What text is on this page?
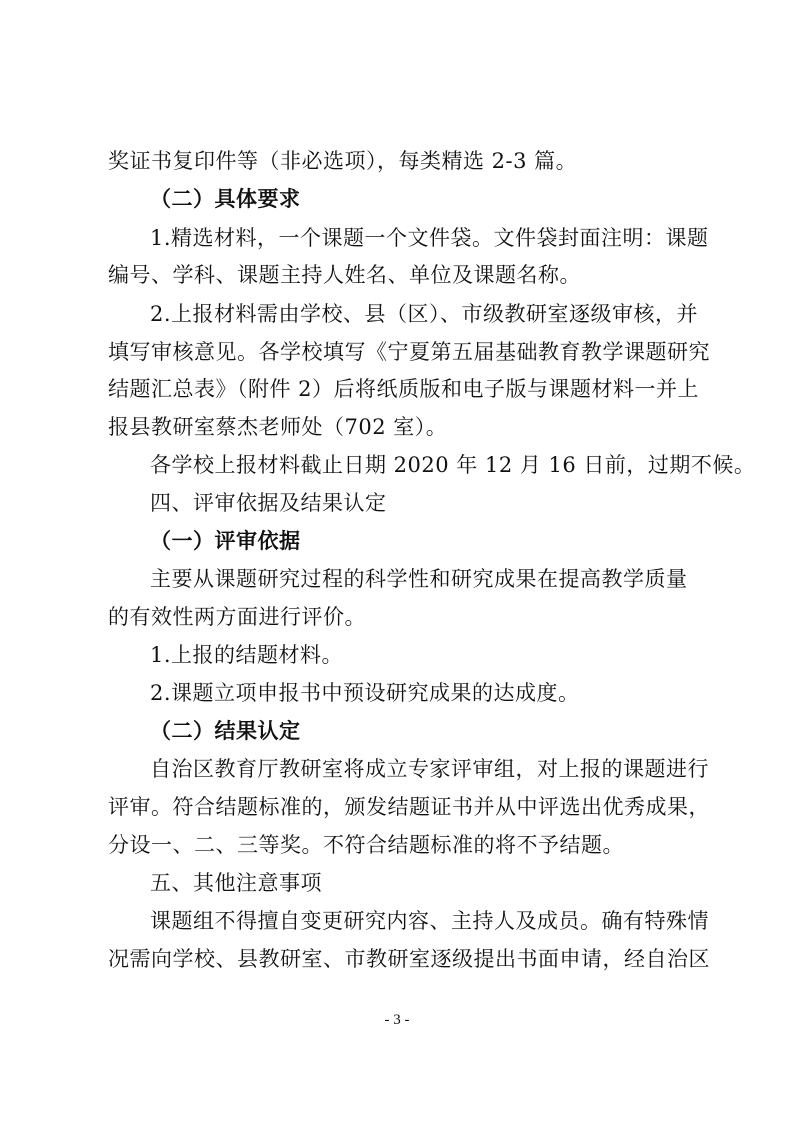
奖证书复印件等（非必选项），每类精选 2-3 篇。
（二）具体要求
1.精选材料，一个课题一个文件袋。文件袋封面注明：课题
编号、学科、课题主持人姓名、单位及课题名称。
2.上报材料需由学校、县（区）、市级教研室逐级审核，并
填写审核意见。各学校填写《宁夏第五届基础教育教学课题研究
结题汇总表》（附件 2）后将纸质版和电子版与课题材料一并上
报县教研室蔡杰老师处（702 室）。
各学校上报材料截止日期 2020 年 12 月 16 日前，过期不候。
四、评审依据及结果认定
（一）评审依据
主要从课题研究过程的科学性和研究成果在提高教学质量
的有效性两方面进行评价。
1.上报的结题材料。
2.课题立项申报书中预设研究成果的达成度。
（二）结果认定
自治区教育厅教研室将成立专家评审组，对上报的课题进行
评审。符合结题标准的，颁发结题证书并从中评选出优秀成果，
分设一、二、三等奖。不符合结题标准的将不予结题。
五、其他注意事项
课题组不得擅自变更研究内容、主持人及成员。确有特殊情
况需向学校、县教研室、市教研室逐级提出书面申请，经自治区
- 3 -
